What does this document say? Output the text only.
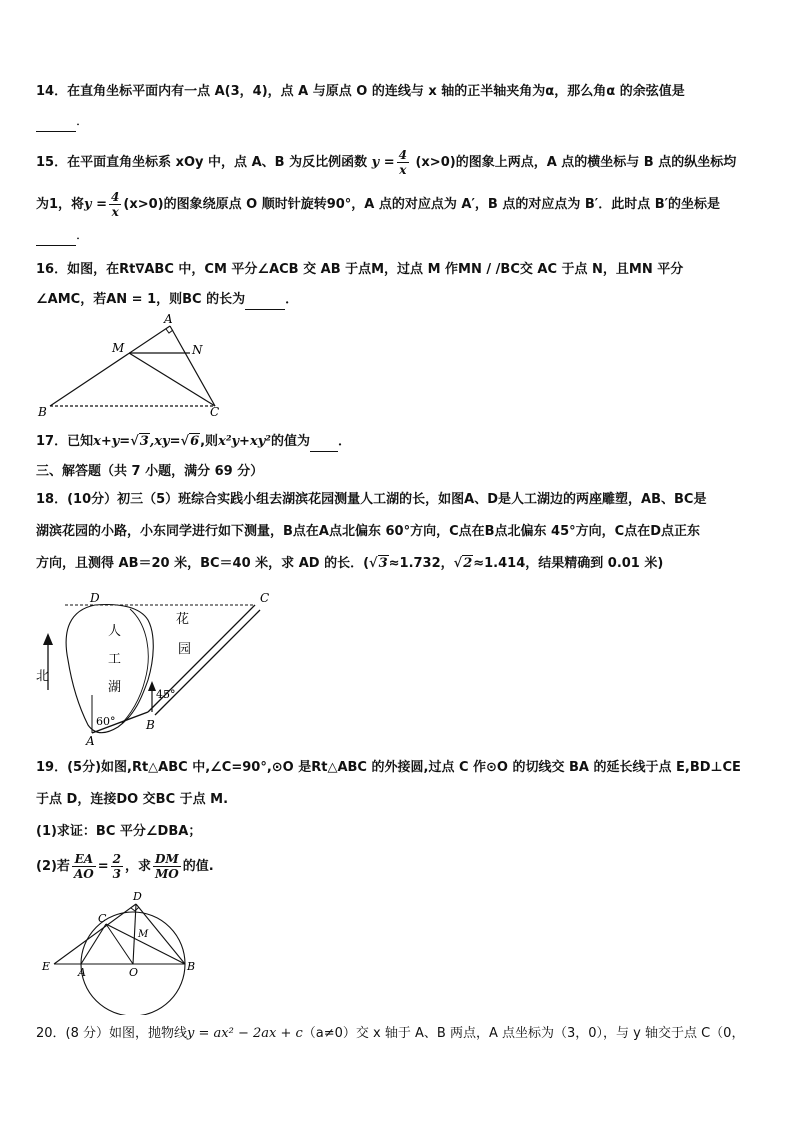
14．在直角坐标平面内有一点 A(3，4)，点 A 与原点 O 的连线与 x 轴的正半轴夹角为α，那么角α 的余弦值是
．
15．在平面直角坐标系 xOy 中，点 A、B 为反比例函数 $y = \frac{4}{x} (x>0)$的图象上两点，A 点的横坐标与 B 点的纵坐标均
为1，将$y = \frac{4}{x} (x>0)$的图象绕原点 O 顺时针旋转90°，A 点的对应点为 A′，B 点的对应点为 B′．此时点 B′的坐标是
．
16．如图，在Rt∇ABC 中，CM 平分∠ACB 交 AB 于点M，过点 M 作MN / /BC交 AC 于点 N，且MN 平分
∠AMC，若AN = 1，则BC 的长为	．
A
M	N
B	C
17．已知x+y=√3,xy=√6,则x²y+xy²的值为 ．
三、解答题（共 7 小题，满分 69 分）
18．(10分）初三（5）班综合实践小组去湖滨花园测量人工湖的长，如图A、D是人工湖边的两座雕塑，AB、BC是
湖滨花园的小路，小东同学进行如下测量，B点在A点北偏东 60°方向，C点在B点北偏东 45°方向，C点在D点正东
方向，且测得 AB＝20 米，BC＝40 米，求 AD 的长．(√3≈1.732，√2≈1.414，结果精确到 0.01 米)
D	C
A
B
北
人
工
湖
花
园
60°
45°
19．(5分)如图,Rt△ABC 中,∠C=90°,⊙O 是Rt△ABC 的外接圆,过点 C 作⊙O 的切线交 BA 的延长线于点 E,BD⊥CE
于点 D，连接DO 交BC 于点 M.
(1)求证：BC 平分∠DBA；
(2)若 $\frac{EA}{AO} = \frac{2}{3}$ ，求 $\frac{DM}{MO}$ 的值.
D
C
M
E	A	O	B
20．(8 分）如图，抛物线y = ax² − 2ax + c（a≠0）交 x 轴于 A、B 两点，A 点坐标为（3，0），与 y 轴交于点 C（0，
